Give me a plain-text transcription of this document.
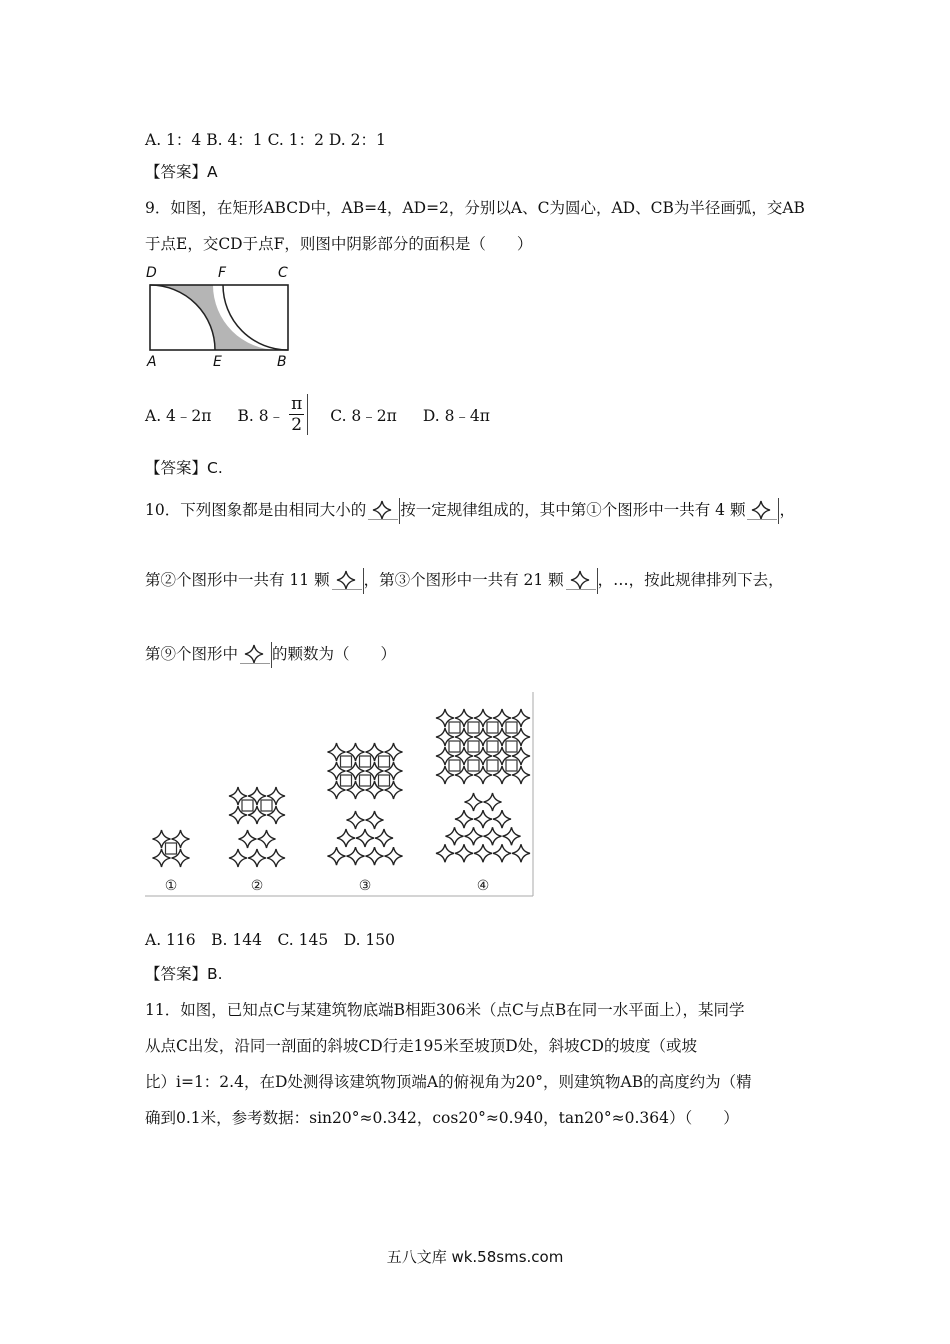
A. 1：4 B. 4：1 C. 1：2 D. 2：1
【答案】A
9．如图，在矩形ABCD中，AB=4，AD=2，分别以A、C为圆心，AD、CB为半径画弧，交AB
于点E，交CD于点F，则图中阴影部分的面积是（　　）
D	F	C
A	E	B
A. 4﹣2π B. 8﹣ $\frac{\pi}{2} C$. 8﹣2π D. 8﹣4π
【答案】C.
10．下列图象都是由相同大小的 按一定规律组成的，其中第①个图形中一共有 4 颗 ，
第②个图形中一共有 11 颗 ，第③个图形中一共有 21 颗 ，…，按此规律排列下去，
第⑨个图形中 的颗数为（　　）
①	②	③	④
A. 116　B. 144　C. 145　D. 150
【答案】B.
11．如图，已知点C与某建筑物底端B相距306米（点C与点B在同一水平面上），某同学
从点C出发，沿同一剖面的斜坡CD行走195米至坡顶D处，斜坡CD的坡度（或坡
比）i=1：2.4，在D处测得该建筑物顶端A的俯视角为20°，则建筑物AB的高度约为（精
确到0.1米，参考数据：sin20°≈0.342，cos20°≈0.940，tan20°≈0.364）（　　）
五八文库 wk.58sms.com
